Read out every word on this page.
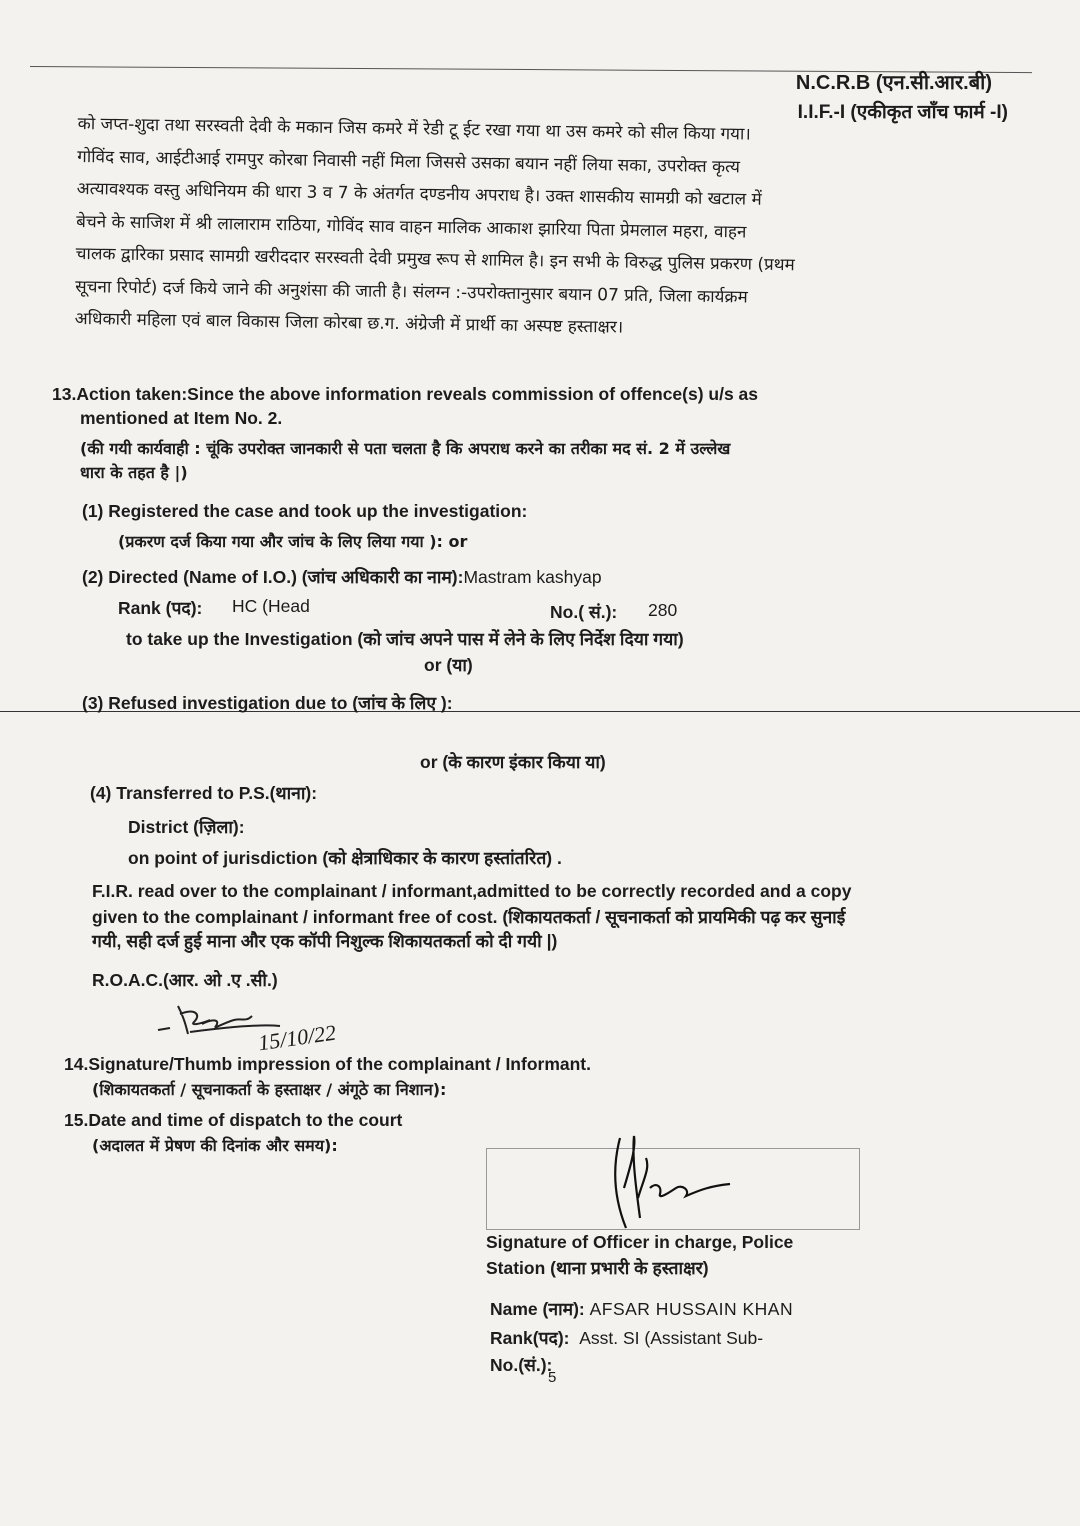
N.C.R.B (एन.सी.आर.बी)
I.I.F.-I (एकीकृत जाँच फार्म -I)
को जप्त-शुदा तथा सरस्वती देवी के मकान जिस कमरे में रेडी टू ईट रखा गया था उस कमरे को सील किया गया।
गोविंद साव, आईटीआई रामपुर कोरबा निवासी नहीं मिला जिससे उसका बयान नहीं लिया सका, उपरोक्त कृत्य
अत्यावश्यक वस्तु अधिनियम की धारा 3 व 7 के अंतर्गत दण्डनीय अपराध है। उक्त शासकीय सामग्री को खटाल में
बेचने के साजिश में श्री लालाराम राठिया, गोविंद साव वाहन मालिक आकाश झारिया पिता प्रेमलाल महरा, वाहन
चालक द्वारिका प्रसाद सामग्री खरीददार सरस्वती देवी प्रमुख रूप से शामिल है। इन सभी के विरुद्ध पुलिस प्रकरण (प्रथम
सूचना रिपोर्ट) दर्ज किये जाने की अनुशंसा की जाती है। संलग्न :-उपरोक्तानुसार बयान 07 प्रति, जिला कार्यक्रम
अधिकारी महिला एवं बाल विकास जिला कोरबा छ.ग. अंग्रेजी में प्रार्थी का अस्पष्ट हस्ताक्षर।
13.Action taken:Since the above information reveals commission of offence(s) u/s as
mentioned at Item No. 2.
(की गयी कार्यवाही : चूंकि उपरोक्त जानकारी से पता चलता है कि अपराध करने का तरीका मद सं. 2 में उल्लेख
धारा के तहत है |)
(1) Registered the case and took up the investigation:
(प्रकरण दर्ज किया गया और जांच के लिए लिया गया ): or
(2) Directed (Name of I.O.) (जांच अधिकारी का नाम):Mastram kashyap
Rank (पद): HC (Head	No.( सं.): 280
to take up the Investigation (को जांच अपने पास में लेने के लिए निर्देश दिया गया)
or (या)
(3) Refused investigation due to (जांच के लिए ):
or (के कारण इंकार किया या)
(4) Transferred to P.S.(थाना):
District (ज़िला):
on point of jurisdiction (को क्षेत्राधिकार के कारण हस्तांतरित) .
F.I.R. read over to the complainant / informant,admitted to be correctly recorded and a copy
given to the complainant / informant free of cost. (शिकायतकर्ता / सूचनाकर्ता को प्रायमिकी पढ़ कर सुनाई
गयी, सही दर्ज हुई माना और एक कॉपी निशुल्क शिकायतकर्ता को दी गयी |)
R.O.A.C.(आर. ओ .ए .सी.)
15/10/22
14.Signature/Thumb impression of the complainant / Informant.
(शिकायतकर्ता / सूचनाकर्ता के हस्ताक्षर / अंगूठे का निशान):
15.Date and time of dispatch to the court
(अदालत में प्रेषण की दिनांक और समय):
Signature of Officer in charge, Police
Station (थाना प्रभारी के हस्ताक्षर)
Name (नाम): AFSAR HUSSAIN KHAN
Rank(पद): Asst. SI (Assistant Sub-
No.(सं.):
5
